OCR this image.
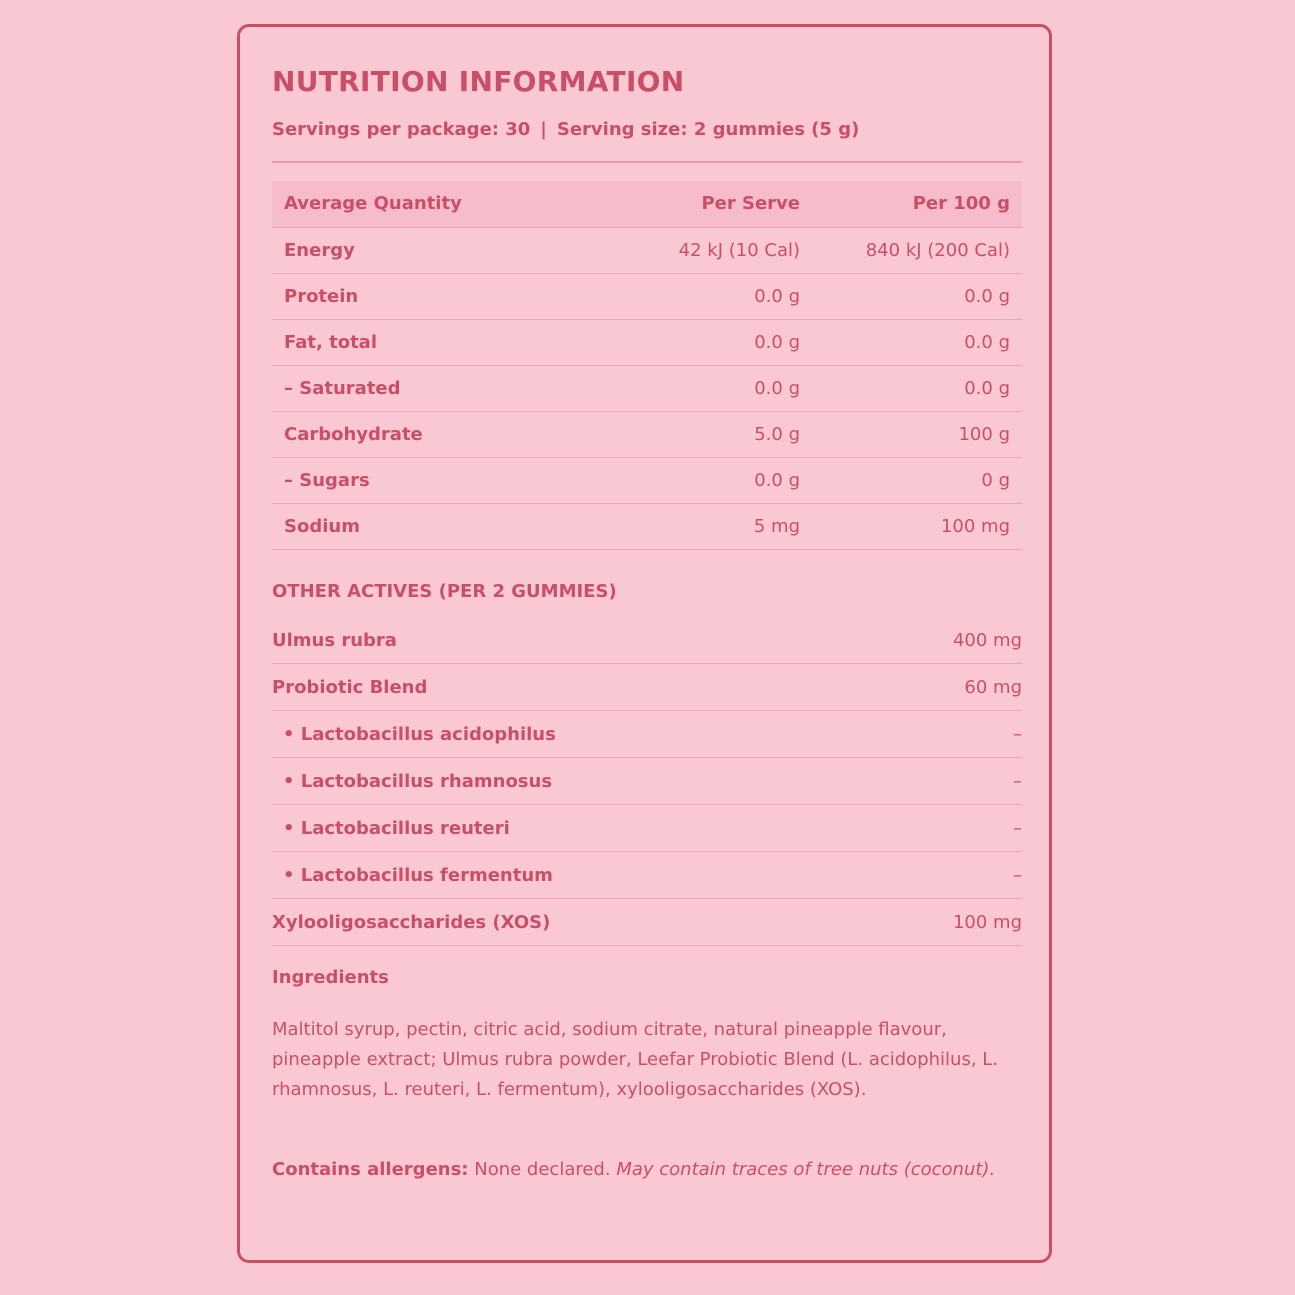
NUTRITION INFORMATION
Servings per package: 30 | Serving size: 2 gummies (5 g)
Average Quantity	Per Serve	Per 100 g
Energy	42 kJ (10 Cal)	840 kJ (200 Cal)
Protein	0.0 g	0.0 g
Fat, total	0.0 g	0.0 g
– Saturated	0.0 g	0.0 g
Carbohydrate	5.0 g	100 g
– Sugars	0.0 g	0 g
Sodium	5 mg	100 mg
OTHER ACTIVES (PER 2 GUMMIES)
Ulmus rubra	400 mg
Probiotic Blend	60 mg
• Lactobacillus acidophilus	–
• Lactobacillus rhamnosus	–
• Lactobacillus reuteri	–
• Lactobacillus fermentum	–
Xylooligosaccharides (XOS)	100 mg
Ingredients

Maltitol syrup, pectin, citric acid, sodium citrate, natural pineapple flavour, pineapple extract; Ulmus rubra powder, Leefar Probiotic Blend (L. acidophilus, L. rhamnosus, L. reuteri, L. fermentum), xylooligosaccharides (XOS).

Contains allergens: None declared. May contain traces of tree nuts (coconut).
